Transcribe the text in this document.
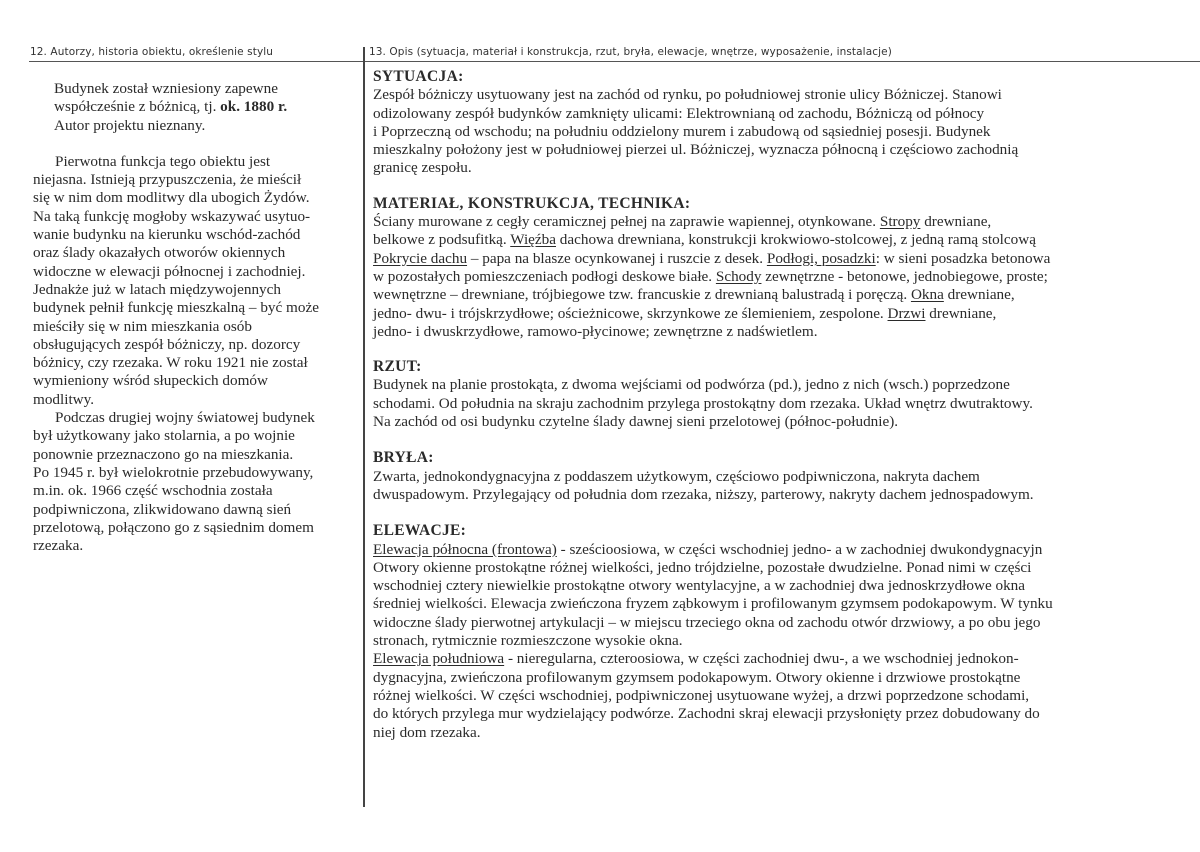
12. Autorzy, historia obiektu, określenie stylu	13. Opis (sytuacja, materiał i konstrukcja, rzut, bryła, elewacje, wnętrze, wyposażenie, instalacje)

Budynek został wzniesiony zapewne
współcześnie z bóżnicą, tj. ok. 1880 r.
Autor projektu nieznany.

Pierwotna funkcja tego obiektu jest
niejasna. Istnieją przypuszczenia, że mieścił
się w nim dom modlitwy dla ubogich Żydów.
Na taką funkcję mogłoby wskazywać usytuo-
wanie budynku na kierunku wschód-zachód
oraz ślady okazałych otworów okiennych
widoczne w elewacji północnej i zachodniej.
Jednakże już w latach międzywojennych
budynek pełnił funkcję mieszkalną – być może
mieściły się w nim mieszkania osób
obsługujących zespół bóżniczy, np. dozorcy
bóżnicy, czy rzezaka. W roku 1921 nie został
wymieniony wśród słupeckich domów
modlitwy.

Podczas drugiej wojny światowej budynek
był użytkowany jako stolarnia, a po wojnie
ponownie przeznaczono go na mieszkania.
Po 1945 r. był wielokrotnie przebudowywany,
m.in. ok. 1966 część wschodnia została
podpiwniczona, zlikwidowano dawną sień
przelotową, połączono go z sąsiednim domem
rzezaka.

SYTUACJA:

Zespół bóżniczy usytuowany jest na zachód od rynku, po południowej stronie ulicy Bóżniczej. Stanowi
odizolowany zespół budynków zamknięty ulicami: Elektrownianą od zachodu, Bóżniczą od północy
i Poprzeczną od wschodu; na południu oddzielony murem i zabudową od sąsiedniej posesji. Budynek
mieszkalny położony jest w południowej pierzei ul. Bóżniczej, wyznacza północną i częściowo zachodnią
granicę zespołu.

MATERIAŁ, KONSTRUKCJA, TECHNIKA:

Ściany murowane z cegły ceramicznej pełnej na zaprawie wapiennej, otynkowane. Stropy drewniane,
belkowe z podsufitką. Więźba dachowa drewniana, konstrukcji krokwiowo-stolcowej, z jedną ramą stolcową
Pokrycie dachu – papa na blasze ocynkowanej i ruszcie z desek. Podłogi, posadzki: w sieni posadzka betonowa
w pozostałych pomieszczeniach podłogi deskowe białe. Schody zewnętrzne - betonowe, jednobiegowe, proste;
wewnętrzne – drewniane, trójbiegowe tzw. francuskie z drewnianą balustradą i poręczą. Okna drewniane,
jedno- dwu- i trójskrzydłowe; ościeżnicowe, skrzynkowe ze ślemieniem, zespolone. Drzwi drewniane,
jedno- i dwuskrzydłowe, ramowo-płycinowe; zewnętrzne z nadświetlem.

RZUT:

Budynek na planie prostokąta, z dwoma wejściami od podwórza (pd.), jedno z nich (wsch.) poprzedzone
schodami. Od południa na skraju zachodnim przylega prostokątny dom rzezaka. Układ wnętrz dwutraktowy.
Na zachód od osi budynku czytelne ślady dawnej sieni przelotowej (północ-południe).

BRYŁA:

Zwarta, jednokondygnacyjna z poddaszem użytkowym, częściowo podpiwniczona, nakryta dachem
dwuspadowym. Przylegający od południa dom rzezaka, niższy, parterowy, nakryty dachem jednospadowym.

ELEWACJE:

Elewacja północna (frontowa) - sześcioosiowa, w części wschodniej jedno- a w zachodniej dwukondygnacyjn
Otwory okienne prostokątne różnej wielkości, jedno trójdzielne, pozostałe dwudzielne. Ponad nimi w części
wschodniej cztery niewielkie prostokątne otwory wentylacyjne, a w zachodniej dwa jednoskrzydłowe okna
średniej wielkości. Elewacja zwieńczona fryzem ząbkowym i profilowanym gzymsem podokapowym. W tynku
widoczne ślady pierwotnej artykulacji – w miejscu trzeciego okna od zachodu otwór drzwiowy, a po obu jego
stronach, rytmicznie rozmieszczone wysokie okna.
Elewacja południowa - nieregularna, czteroosiowa, w części zachodniej dwu-, a we wschodniej jednokon-
dygnacyjna, zwieńczona profilowanym gzymsem podokapowym. Otwory okienne i drzwiowe prostokątne
różnej wielkości. W części wschodniej, podpiwniczonej usytuowane wyżej, a drzwi poprzedzone schodami,
do których przylega mur wydzielający podwórze. Zachodni skraj elewacji przysłonięty przez dobudowany do
niej dom rzezaka.
